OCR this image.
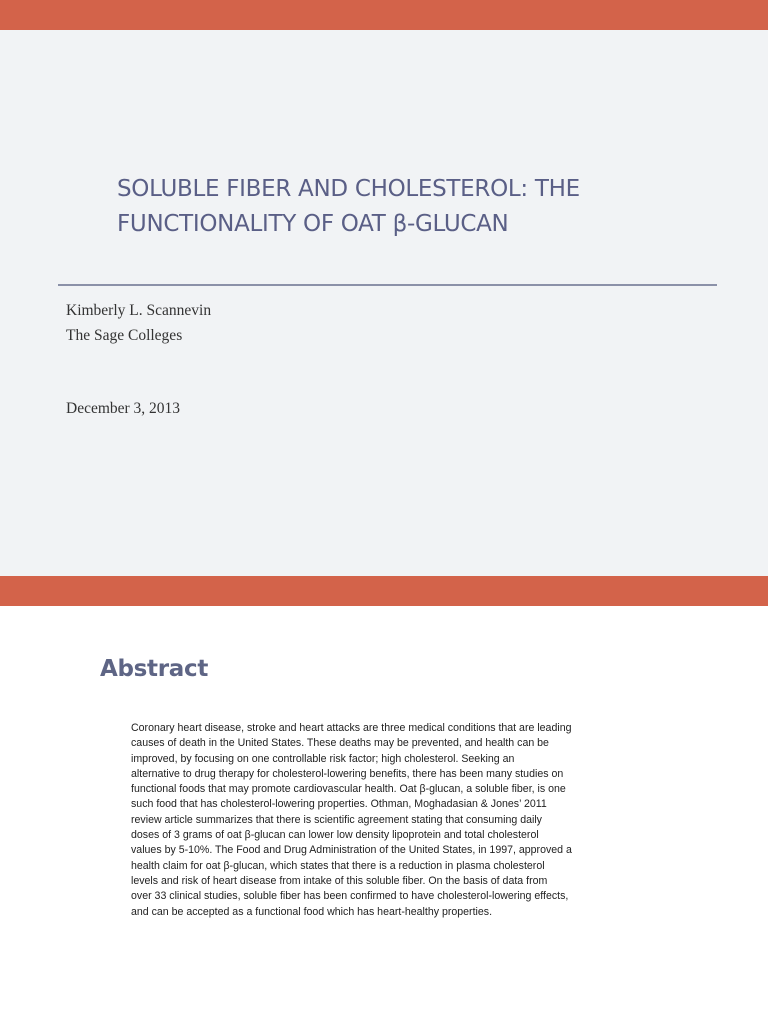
SOLUBLE FIBER AND CHOLESTEROL: THE
FUNCTIONALITY OF OAT β-GLUCAN
Kimberly L. Scannevin
The Sage Colleges
December 3, 2013
Abstract

Coronary heart disease, stroke and heart attacks are three medical conditions that are leading
causes of death in the United States. These deaths may be prevented, and health can be
improved, by focusing on one controllable risk factor; high cholesterol. Seeking an
alternative to drug therapy for cholesterol-lowering benefits, there has been many studies on
functional foods that may promote cardiovascular health. Oat β-glucan, a soluble fiber, is one
such food that has cholesterol-lowering properties. Othman, Moghadasian & Jones’ 2011
review article summarizes that there is scientific agreement stating that consuming daily
doses of 3 grams of oat β-glucan can lower low density lipoprotein and total cholesterol
values by 5-10%. The Food and Drug Administration of the United States, in 1997, approved a
health claim for oat β-glucan, which states that there is a reduction in plasma cholesterol
levels and risk of heart disease from intake of this soluble fiber. On the basis of data from
over 33 clinical studies, soluble fiber has been confirmed to have cholesterol-lowering effects,
and can be accepted as a functional food which has heart-healthy properties.
